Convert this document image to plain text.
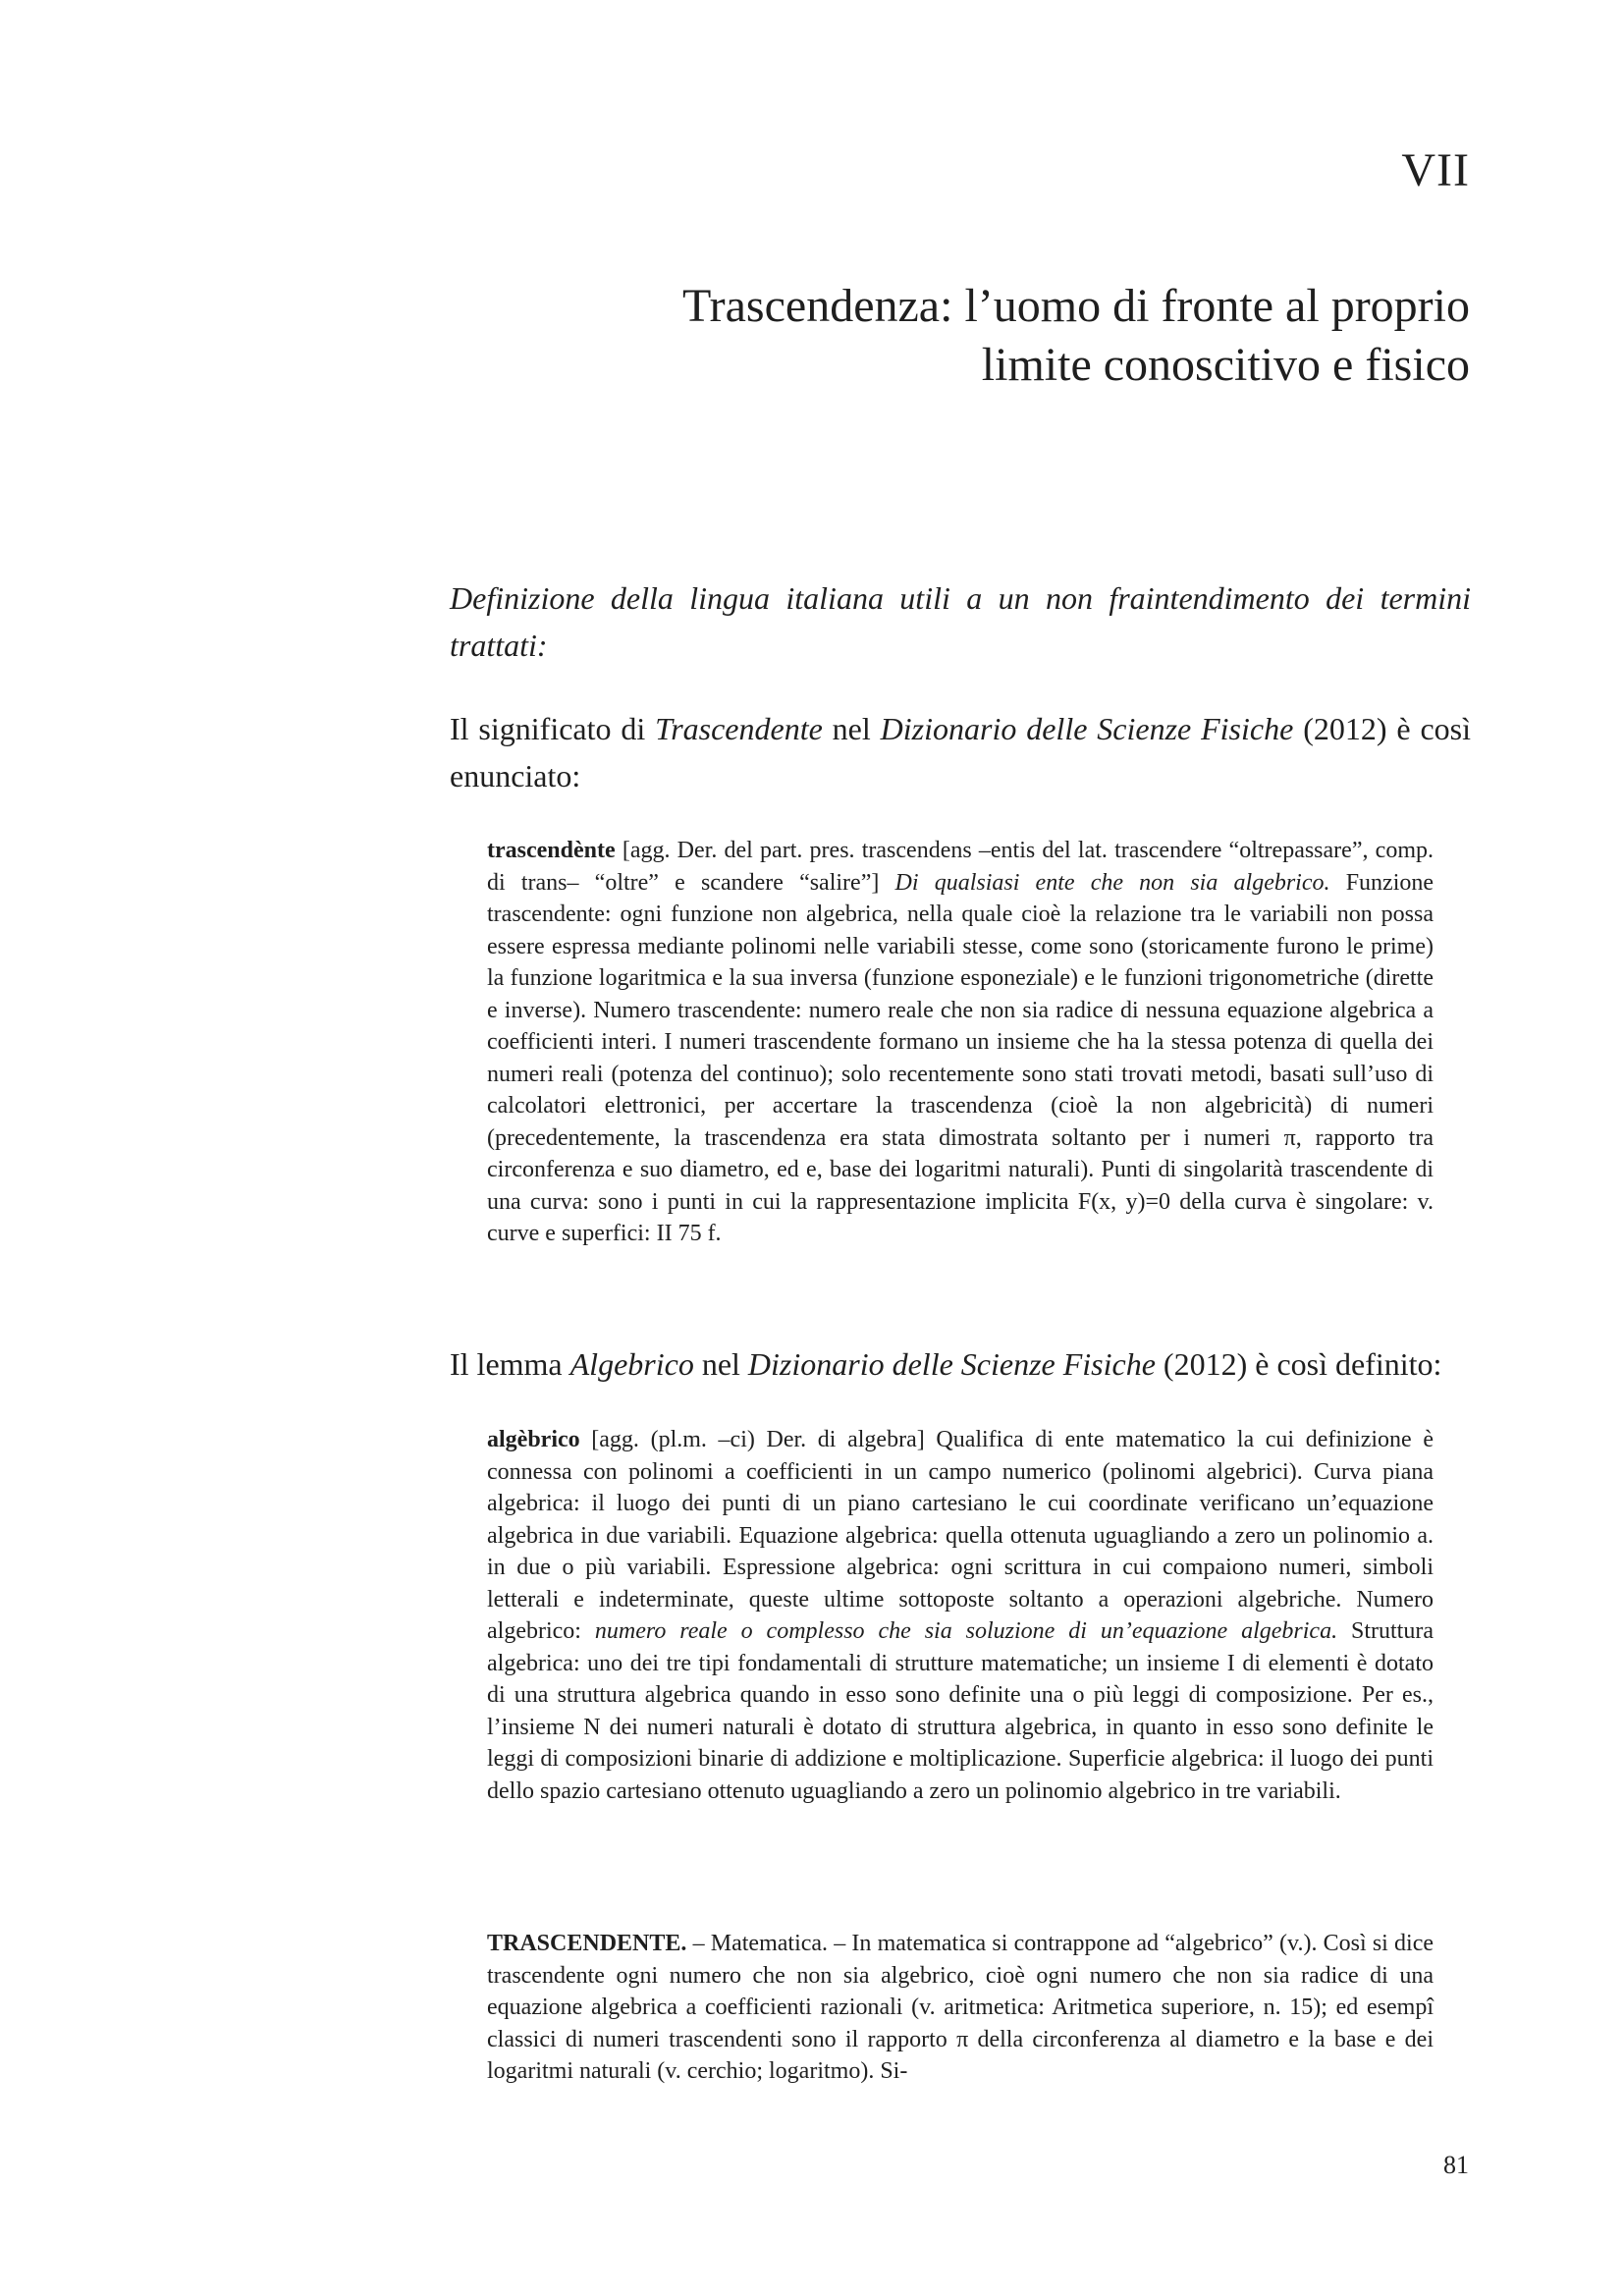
VII
Trascendenza: l’uomo di fronte al proprio
limite conoscitivo e fisico
Definizione della lingua italiana utili a un non fraintendimento dei termini trattati:
Il significato di Trascendente nel Dizionario delle Scienze Fisiche (2012) è così enunciato:
trascendènte [agg. Der. del part. pres. trascendens –entis del lat. trascendere “oltrepassare”, comp. di trans– “oltre” e scandere “salire”] Di qualsiasi ente che non sia algebrico. Funzione trascendente: ogni funzione non algebrica, nella quale cioè la relazione tra le variabili non possa essere espressa mediante polinomi nelle variabili stesse, come sono (storicamente furono le prime) la funzione logaritmica e la sua inversa (funzione esponeziale) e le funzioni trigonometriche (dirette e inverse). Numero trascendente: numero reale che non sia radice di nessuna equazione algebrica a coefficienti interi. I numeri trascendente formano un insieme che ha la stessa potenza di quella dei numeri reali (potenza del continuo); solo recentemente sono stati trovati metodi, basati sull’uso di calcolatori elettronici, per accertare la trascendenza (cioè la non algebricità) di numeri (precedentemente, la trascendenza era stata dimostrata soltanto per i numeri π, rapporto tra circonferenza e suo diametro, ed e, base dei logaritmi naturali). Punti di singolarità trascendente di una curva: sono i punti in cui la rappresentazione implicita F(x, y)=0 della curva è singolare: v. curve e superfici: II 75 f.
Il lemma Algebrico nel Dizionario delle Scienze Fisiche (2012) è così definito:
algèbrico [agg. (pl.m. –ci) Der. di algebra] Qualifica di ente matematico la cui definizione è connessa con polinomi a coefficienti in un campo numerico (polinomi algebrici). Curva piana algebrica: il luogo dei punti di un piano cartesiano le cui coordinate verificano un’equazione algebrica in due variabili. Equazione algebrica: quella ottenuta uguagliando a zero un polinomio a. in due o più variabili. Espressione algebrica: ogni scrittura in cui compaiono numeri, simboli letterali e indeterminate, queste ultime sottoposte soltanto a operazioni algebriche. Numero algebrico: numero reale o complesso che sia soluzione di un’equazione algebrica. Struttura algebrica: uno dei tre tipi fondamentali di strutture matematiche; un insieme I di elementi è dotato di una struttura algebrica quando in esso sono definite una o più leggi di composizione. Per es., l’insieme N dei numeri naturali è dotato di struttura algebrica, in quanto in esso sono definite le leggi di composizioni binarie di addizione e moltiplicazione. Superficie algebrica: il luogo dei punti dello spazio cartesiano ottenuto uguagliando a zero un polinomio algebrico in tre variabili.
TRASCENDENTE. – Matematica. – In matematica si contrappone ad “algebrico” (v.). Così si dice trascendente ogni numero che non sia algebrico, cioè ogni numero che non sia radice di una equazione algebrica a coefficienti razionali (v. aritmetica: Aritmetica superiore, n. 15); ed esempî classici di numeri trascendenti sono il rapporto π della circonferenza al diametro e la base e dei logaritmi naturali (v. cerchio; logaritmo). Si-
81
